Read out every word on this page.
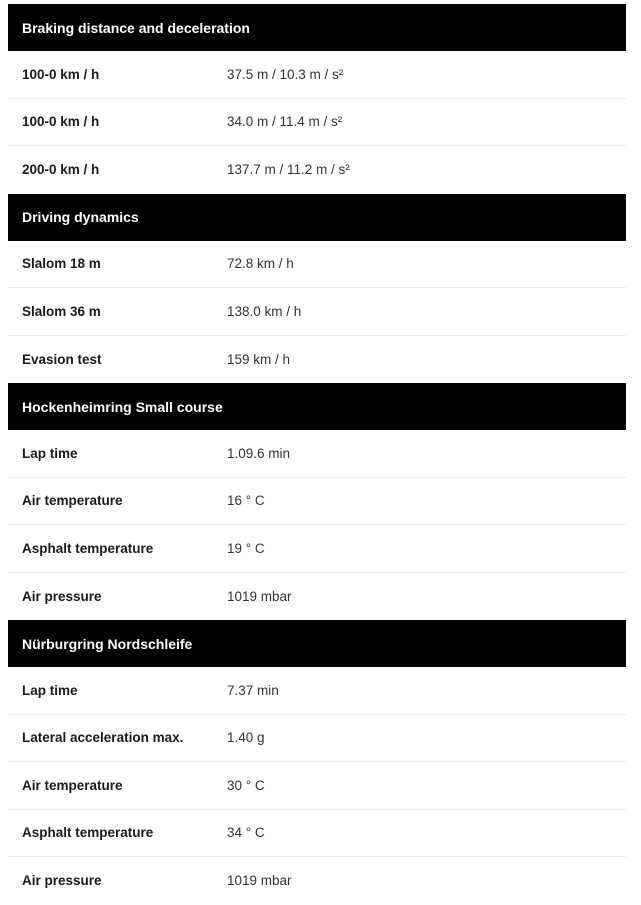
Braking distance and deceleration
100-0 km / h	37.5 m / 10.3 m / s²
100-0 km / h	34.0 m / 11.4 m / s²
200-0 km / h	137.7 m / 11.2 m / s²
Driving dynamics
Slalom 18 m	72.8 km / h
Slalom 36 m	138.0 km / h
Evasion test	159 km / h
Hockenheimring Small course
Lap time	1.09.6 min
Air temperature	16 ° C
Asphalt temperature	19 ° C
Air pressure	1019 mbar
Nürburgring Nordschleife
Lap time	7.37 min
Lateral acceleration max.	1.40 g
Air temperature	30 ° C
Asphalt temperature	34 ° C
Air pressure	1019 mbar
